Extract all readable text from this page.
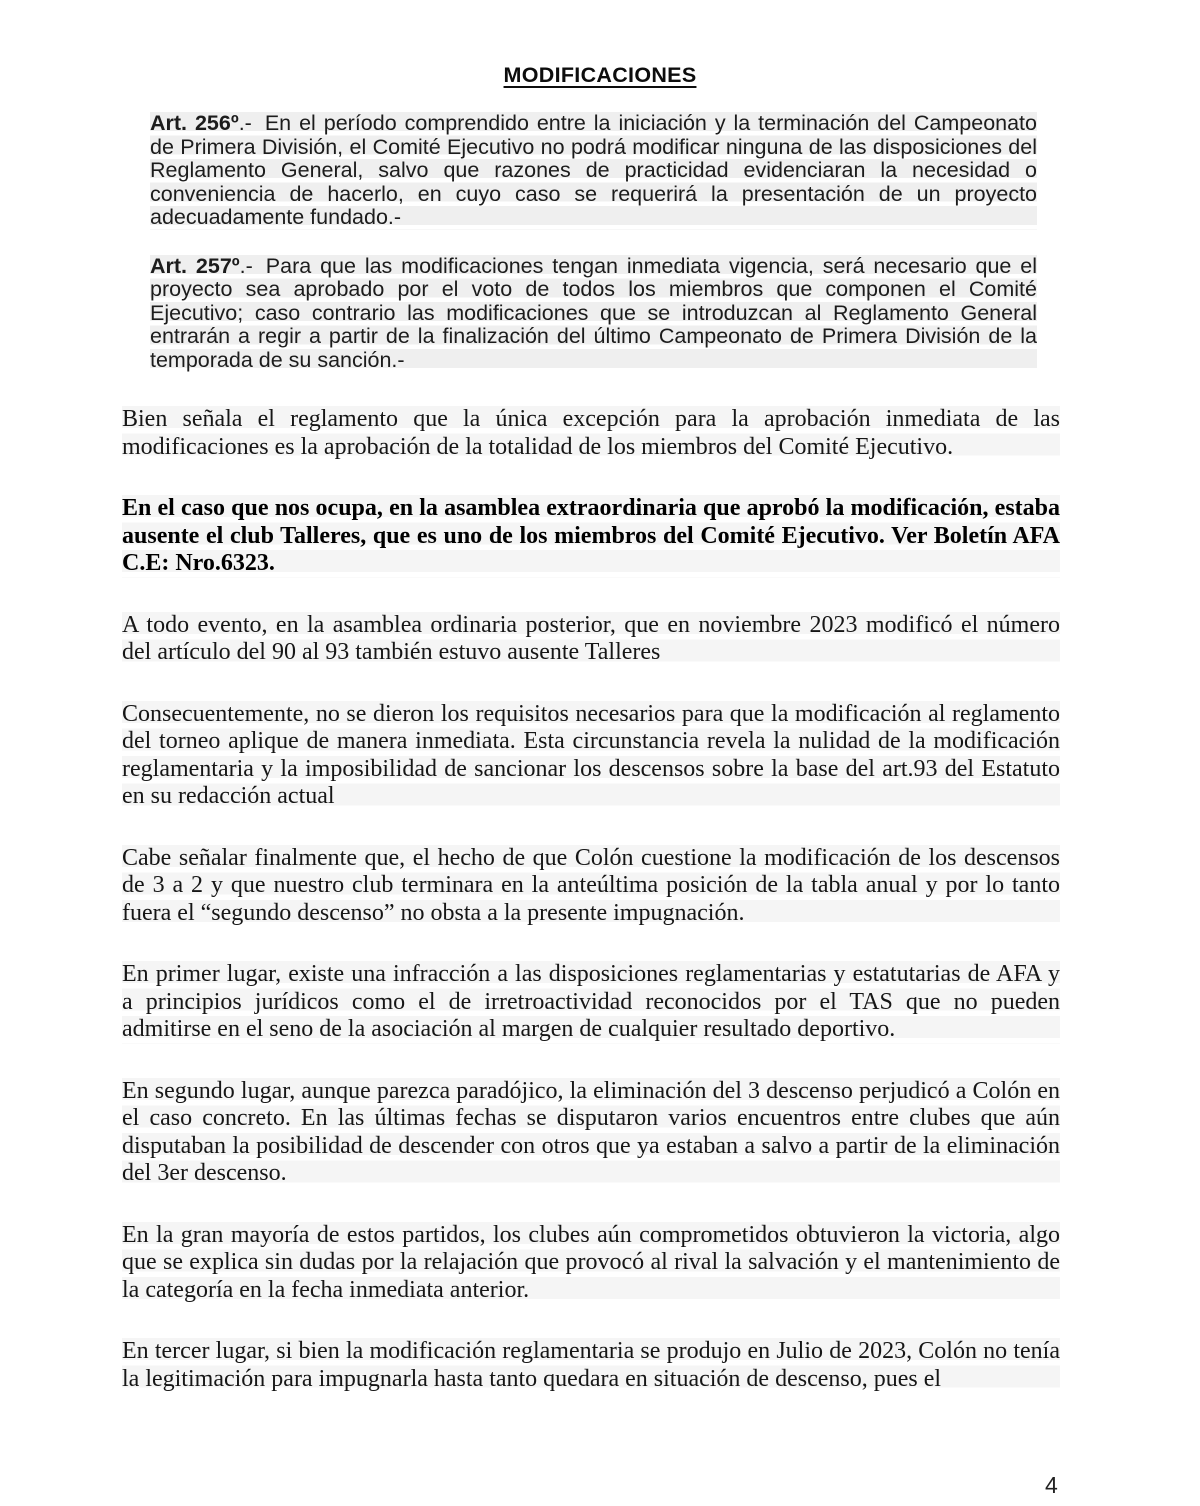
MODIFICACIONES

Art. 256º.- En el período comprendido entre la iniciación y la terminación del Campeonato de Primera División, el Comité Ejecutivo no podrá modificar ninguna de las disposiciones del Reglamento General, salvo que razones de practicidad evidenciaran la necesidad o conveniencia de hacerlo, en cuyo caso se requerirá la presentación de un proyecto adecuadamente fundado.-

Art. 257º.- Para que las modificaciones tengan inmediata vigencia, será necesario que el proyecto sea aprobado por el voto de todos los miembros que componen el Comité Ejecutivo; caso contrario las modificaciones que se introduzcan al Reglamento General entrarán a regir a partir de la finalización del último Campeonato de Primera División de la temporada de su sanción.-

Bien señala el reglamento que la única excepción para la aprobación inmediata de las modificaciones es la aprobación de la totalidad de los miembros del Comité Ejecutivo.

En el caso que nos ocupa, en la asamblea extraordinaria que aprobó la modificación, estaba ausente el club Talleres, que es uno de los miembros del Comité Ejecutivo. Ver Boletín AFA C.E: Nro.6323.

A todo evento, en la asamblea ordinaria posterior, que en noviembre 2023 modificó el número del artículo del 90 al 93 también estuvo ausente Talleres

Consecuentemente, no se dieron los requisitos necesarios para que la modificación al reglamento del torneo aplique de manera inmediata. Esta circunstancia revela la nulidad de la modificación reglamentaria y la imposibilidad de sancionar los descensos sobre la base del art.93 del Estatuto en su redacción actual

Cabe señalar finalmente que, el hecho de que Colón cuestione la modificación de los descensos de 3 a 2 y que nuestro club terminara en la anteúltima posición de la tabla anual y por lo tanto fuera el “segundo descenso” no obsta a la presente impugnación.

En primer lugar, existe una infracción a las disposiciones reglamentarias y estatutarias de AFA y a principios jurídicos como el de irretroactividad reconocidos por el TAS que no pueden admitirse en el seno de la asociación al margen de cualquier resultado deportivo.

En segundo lugar, aunque parezca paradójico, la eliminación del 3 descenso perjudicó a Colón en el caso concreto. En las últimas fechas se disputaron varios encuentros entre clubes que aún disputaban la posibilidad de descender con otros que ya estaban a salvo a partir de la eliminación del 3er descenso.

En la gran mayoría de estos partidos, los clubes aún comprometidos obtuvieron la victoria, algo que se explica sin dudas por la relajación que provocó al rival la salvación y el mantenimiento de la categoría en la fecha inmediata anterior.

En tercer lugar, si bien la modificación reglamentaria se produjo en Julio de 2023, Colón no tenía la legitimación para impugnarla hasta tanto quedara en situación de descenso, pues el

4
